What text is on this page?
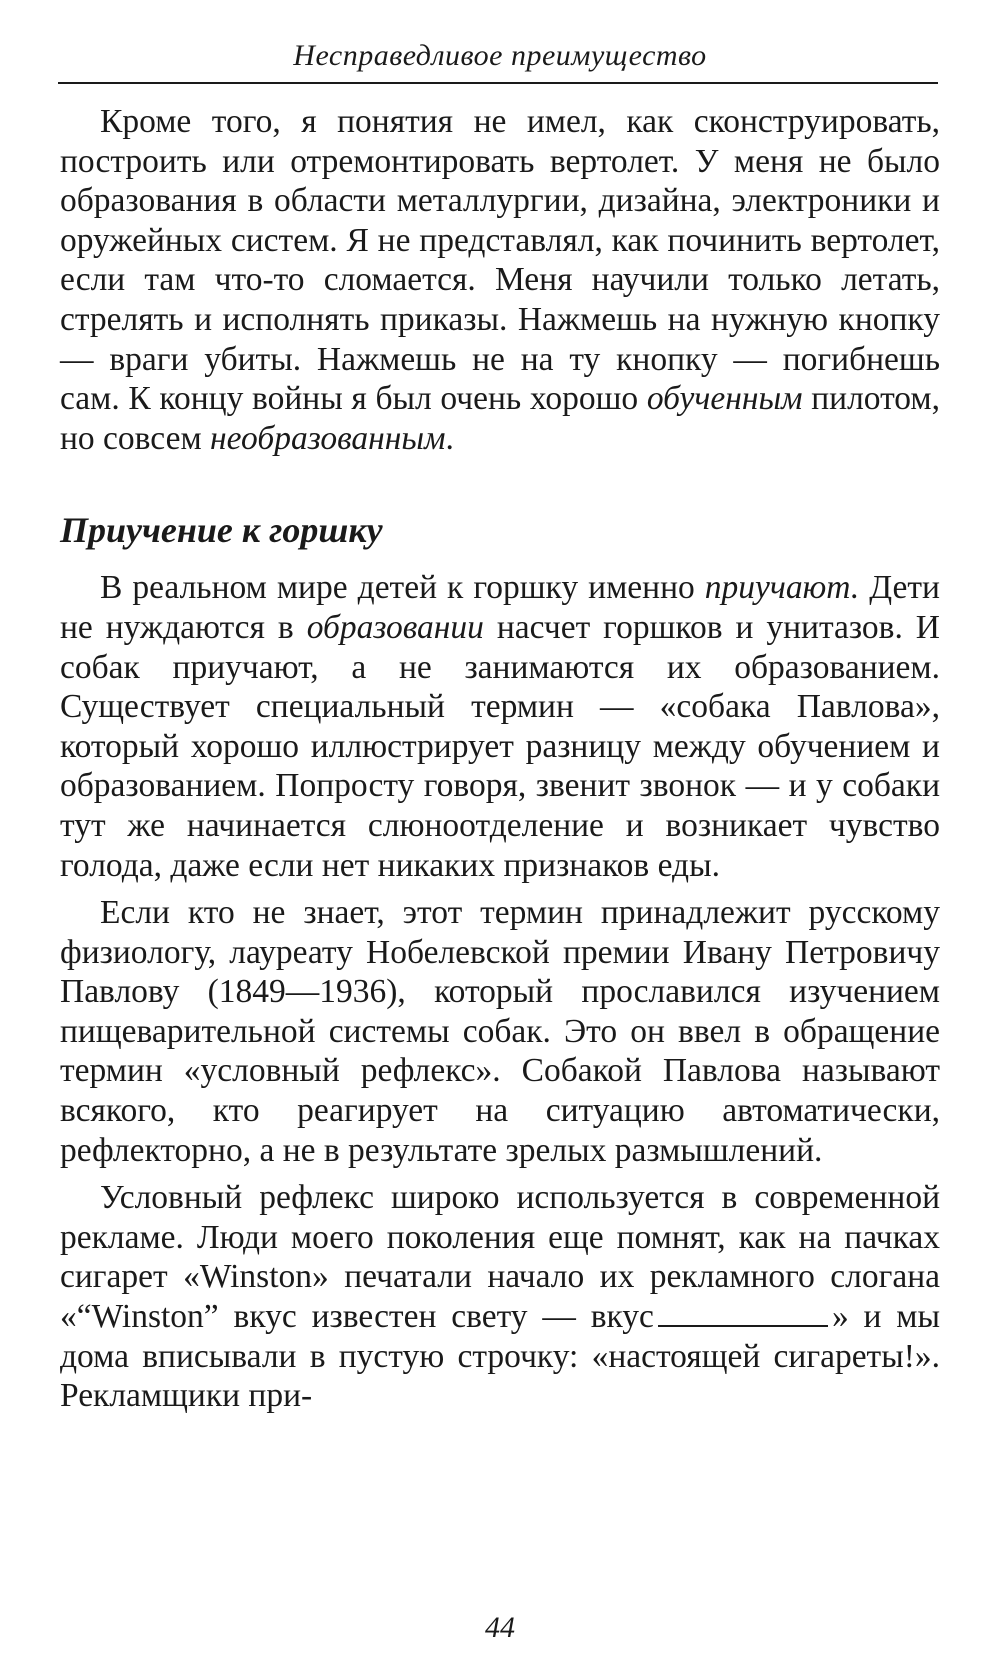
Несправедливое преимущество

Кроме того, я понятия не имел, как сконструировать, построить или отремонтировать вертолет. У меня не было образования в области металлургии, дизайна, электроники и оружейных систем. Я не представлял, как починить вертолет, если там что-то сломается. Меня научили только летать, стрелять и исполнять приказы. Нажмешь на нужную кнопку — враги убиты. Нажмешь не на ту кнопку — погибнешь сам. К концу войны я был очень хорошо обученным пилотом, но совсем необразованным.

Приучение к горшку

В реальном мире детей к горшку именно приучают. Дети не нуждаются в образовании насчет горшков и унитазов. И собак приучают, а не занимаются их образованием. Существует специальный термин — «собака Павлова», который хорошо иллюстрирует разницу между обучением и образованием. Попросту говоря, звенит звонок — и у собаки тут же начинается слюноотделение и возникает чувство голода, даже если нет никаких признаков еды.

Если кто не знает, этот термин принадлежит русскому физиологу, лауреату Нобелевской премии Ивану Петровичу Павлову (1849—1936), который прославился изучением пищеварительной системы собак. Это он ввел в обращение термин «условный рефлекс». Собакой Павлова называют всякого, кто реагирует на ситуацию автоматически, рефлекторно, а не в результате зрелых размышлений.

Условный рефлекс широко используется в современной рекламе. Люди моего поколения еще помнят, как на пачках сигарет «Winston» печатали начало их рекламного слогана «“Winston” вкус известен свету — вкус	» и мы дома вписывали в пустую строчку: «настоящей сигареты!». Рекламщики при-

44
